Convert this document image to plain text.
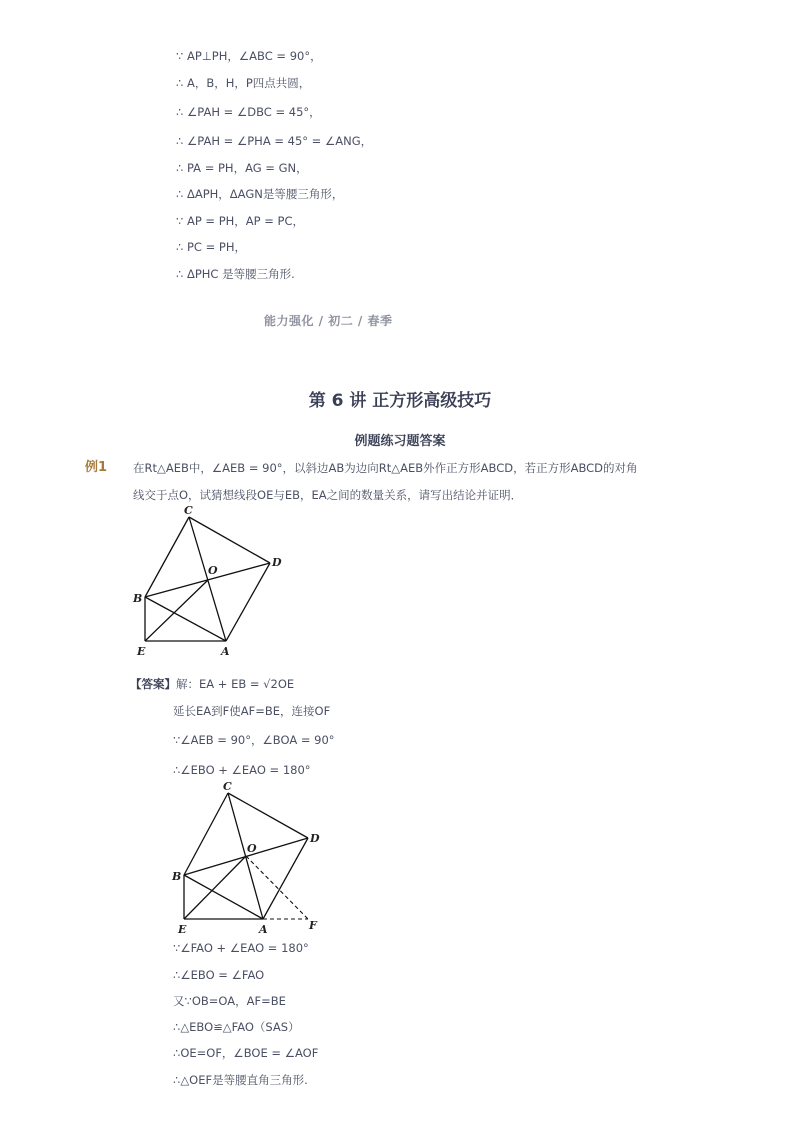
∵ AP⊥PH，∠ABC = 90°，
∴ A，B，H，P四点共圆，
∴ ∠PAH = ∠DBC = 45°，
∴ ∠PAH = ∠PHA = 45° = ∠ANG，
∴ PA = PH，AG = GN，
∴ ΔAPH，ΔAGN是等腰三角形，
∵ AP = PH，AP = PC，
∴ PC = PH，
∴ ΔPHC 是等腰三角形.
能力强化 / 初二 / 春季
第 6 讲 正方形高级技巧
例题练习题答案
例1 在Rt△AEB中，∠AEB = 90°，以斜边AB为边向Rt△AEB外作正方形ABCD，若正方形ABCD的对角
线交于点O，试猜想线段OE与EB，EA之间的数量关系，请写出结论并证明．
C
D
O
B
E	A
【答案】解：EA + EB = √2OE
延长EA到F使AF=BE，连接OF
∵∠AEB = 90°，∠BOA = 90°
∴∠EBO + ∠EAO = 180°
C
D
O
B
E	A	F
∵∠FAO + ∠EAO = 180°
∴∠EBO = ∠FAO
又∵OB=OA，AF=BE
∴△EBO≌△FAO（SAS）
∴OE=OF，∠BOE = ∠AOF
∴△OEF是等腰直角三角形.
